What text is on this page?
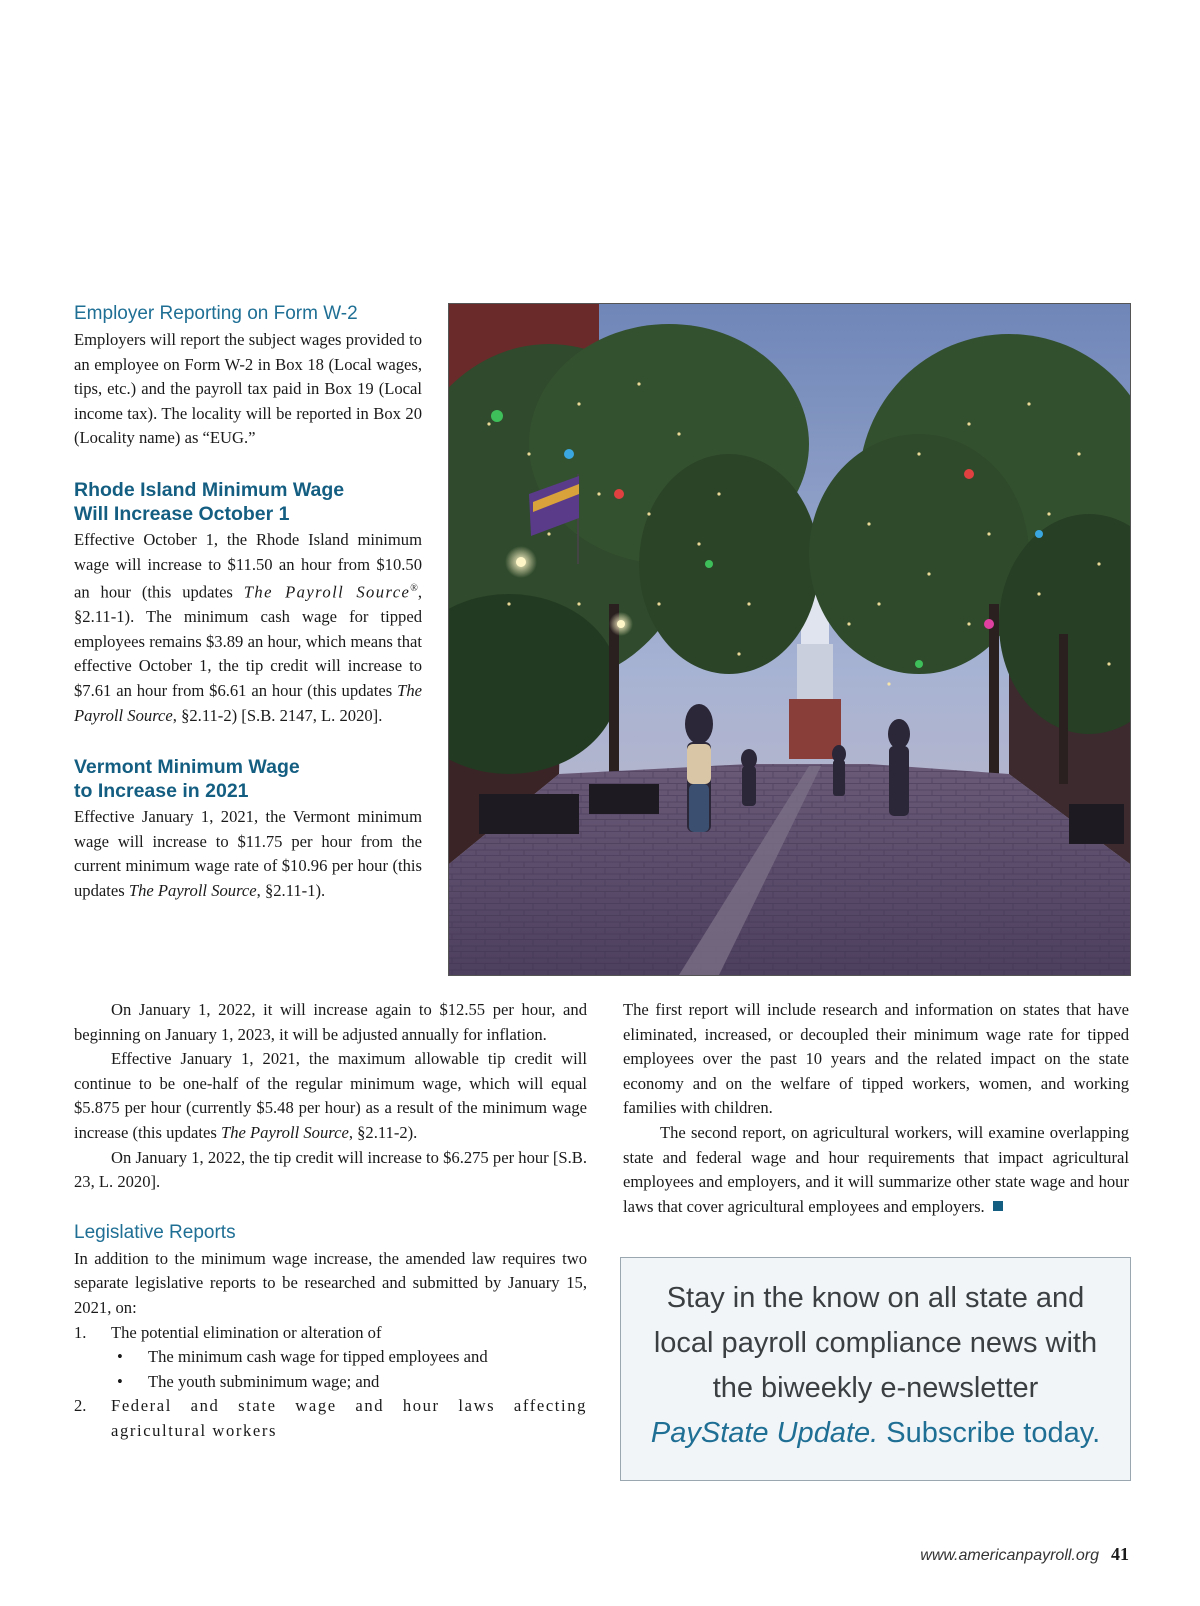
Employer Reporting on Form W-2

Employers will report the subject wages provided to an employee on Form W-2 in Box 18 (Local wages, tips, etc.) and the payroll tax paid in Box 19 (Local income tax). The locality will be reported in Box 20 (Locality name) as “EUG.”

Rhode Island Minimum Wage
Will Increase October 1

Effective October 1, the Rhode Island minimum wage will increase to $11.50 an hour from $10.50 an hour (this updates The Payroll Source®, §2.11-1). The minimum cash wage for tipped employees remains $3.89 an hour, which means that effective October 1, the tip credit will increase to $7.61 an hour from $6.61 an hour (this updates The Payroll Source, §2.11-2) [S.B. 2147, L. 2020].

Vermont Minimum Wage
to Increase in 2021

Effective January 1, 2021, the Vermont minimum wage will increase to $11.75 per hour from the current minimum wage rate of $10.96 per hour (this updates The Payroll Source, §2.11-1).

On January 1, 2022, it will increase again to $12.55 per hour, and beginning on January 1, 2023, it will be adjusted annually for inflation.

Effective January 1, 2021, the maximum allowable tip credit will continue to be one-half of the regular minimum wage, which will equal $5.875 per hour (currently $5.48 per hour) as a result of the minimum wage increase (this updates The Payroll Source, §2.11-2).

On January 1, 2022, the tip credit will increase to $6.275 per hour [S.B. 23, L. 2020].

Legislative Reports

In addition to the minimum wage increase, the amended law requires two separate legislative reports to be researched and submitted by January 15, 2021, on:

1. The potential elimination or alteration of
• The minimum cash wage for tipped employees and
• The youth subminimum wage; and
2. Federal and state wage and hour laws affecting agricultural workers

The first report will include research and information on states that have eliminated, increased, or decoupled their minimum wage rate for tipped employees over the past 10 years and the related impact on the state economy and on the welfare of tipped workers, women, and working families with children.

The second report, on agricultural workers, will examine overlapping state and federal wage and hour requirements that impact agricultural employees and employers, and it will summarize other state wage and hour laws that cover agricultural employees and employers.

Stay in the know on all state and
local payroll compliance news with
the biweekly e-newsletter
PayState Update. Subscribe today.
www.americanpayroll.org 41
